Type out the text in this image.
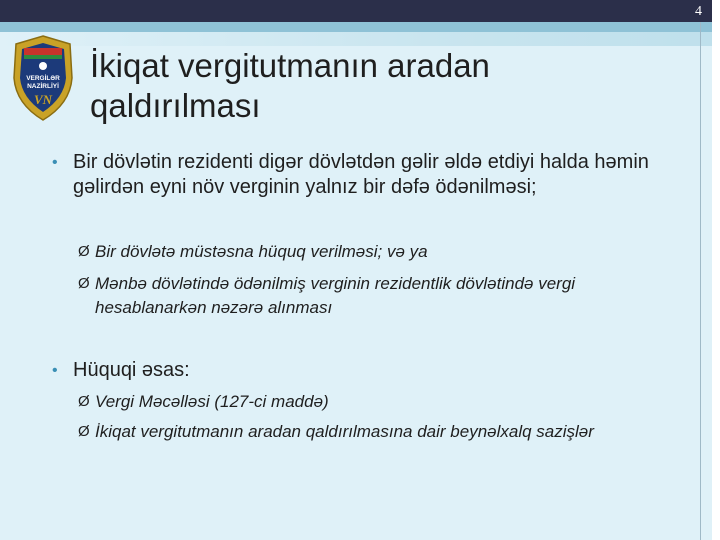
4
VERGİLƏR
NAZİRLİYİ
VN
İkiqat vergitutmanın aradan qaldırılması
• Bir dövlətin rezidenti digər dövlətdən gəlir əldə etdiyi halda həmin gəlirdən eyni növ verginin yalnız bir dəfə ödənilməsi;
Ø Bir dövlətə müstəsna hüquq verilməsi; və ya
Ø Mənbə dövlətində ödənilmiş verginin rezidentlik dövlətində vergi hesablanarkən nəzərə alınması
• Hüquqi əsas:
Ø Vergi Məcəlləsi (127-ci maddə)
Ø İkiqat vergitutmanın aradan qaldırılmasına dair beynəlxalq sazişlər
